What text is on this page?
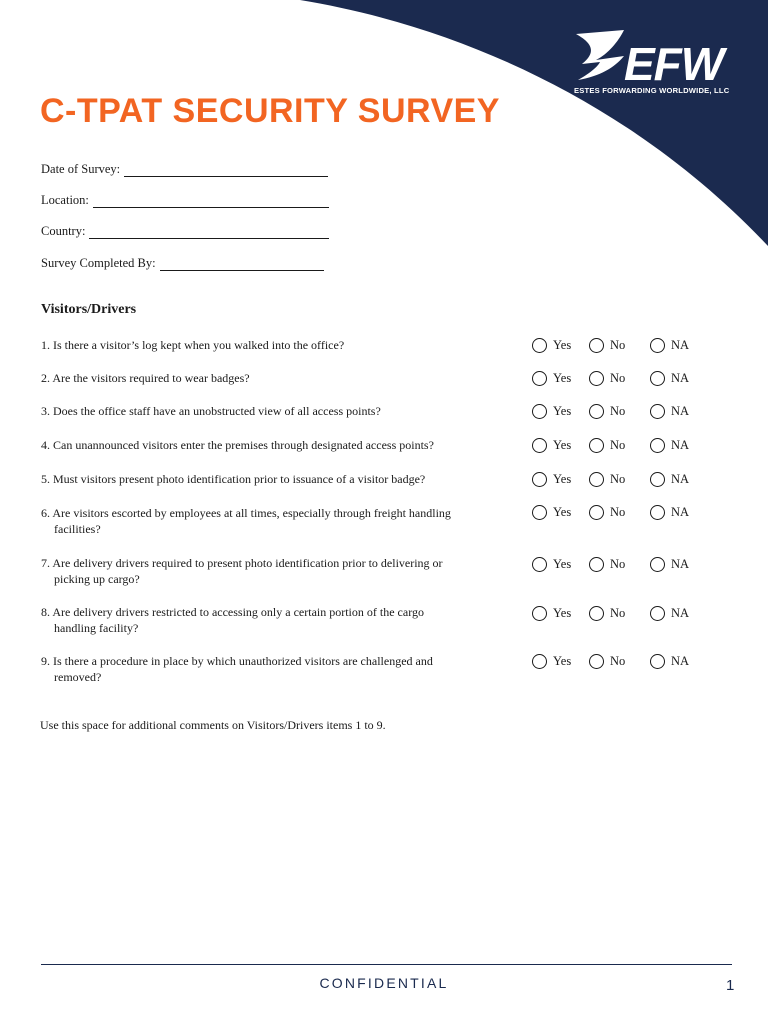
EFW
ESTES FORWARDING WORLDWIDE, LLC
C-TPAT SECURITY SURVEY
Date of Survey:
Location:
Country:
Survey Completed By:
Visitors/Drivers
1. Is there a visitor’s log kept when you walked into the office?	Yes	No	NA
2. Are the visitors required to wear badges?	Yes	No	NA
3. Does the office staff have an unobstructed view of all access points?	Yes	No	NA
4. Can unannounced visitors enter the premises through designated access points?	Yes	No	NA
5. Must visitors present photo identification prior to issuance of a visitor badge?	Yes	No	NA
6. Are visitors escorted by employees at all times, especially through freight handling
facilities?
Yes	No	NA
7. Are delivery drivers required to present photo identification prior to delivering or
picking up cargo?
Yes	No	NA
8. Are delivery drivers restricted to accessing only a certain portion of the cargo
handling facility?
Yes	No	NA
9. Is there a procedure in place by which unauthorized visitors are challenged and
removed?
Yes	No	NA
Use this space for additional comments on Visitors/Drivers items 1 to 9.
CONFIDENTIAL	1
